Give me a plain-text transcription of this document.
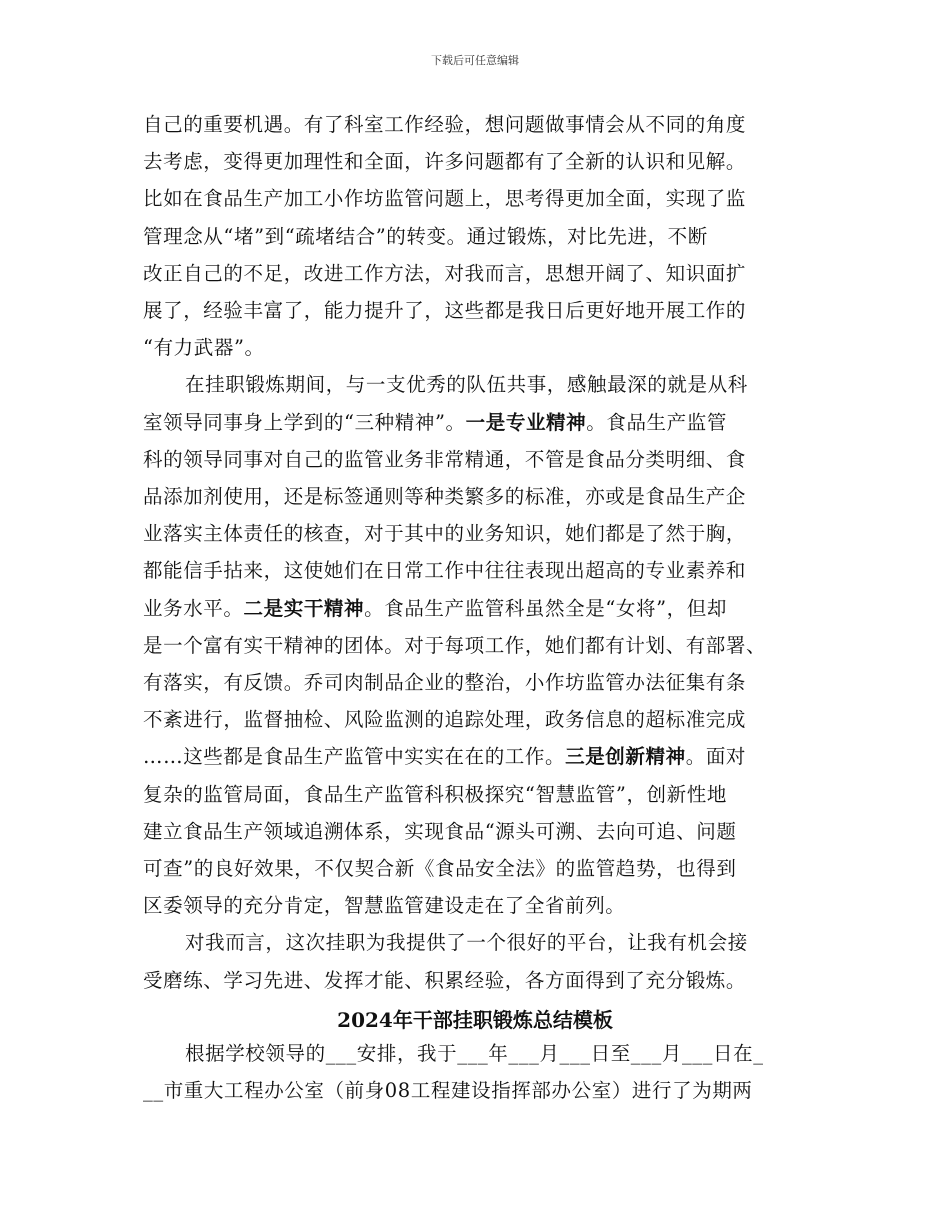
下载后可任意编辑
自己的重要机遇。有了科室工作经验，想问题做事情会从不同的角度
去考虑，变得更加理性和全面，许多问题都有了全新的认识和见解。
比如在食品生产加工小作坊监管问题上，思考得更加全面，实现了监
管理念从“堵”到“疏堵结合”的转变。通过锻炼，对比先进，不断
改正自己的不足，改进工作方法，对我而言，思想开阔了、知识面扩
展了，经验丰富了，能力提升了，这些都是我日后更好地开展工作的
“有力武器”。
在挂职锻炼期间，与一支优秀的队伍共事，感触最深的就是从科
室领导同事身上学到的“三种精神”。一是专业精神。食品生产监管
科的领导同事对自己的监管业务非常精通，不管是食品分类明细、食
品添加剂使用，还是标签通则等种类繁多的标准，亦或是食品生产企
业落实主体责任的核查，对于其中的业务知识，她们都是了然于胸，
都能信手拈来，这使她们在日常工作中往往表现出超高的专业素养和
业务水平。二是实干精神。食品生产监管科虽然全是“女将”，但却
是一个富有实干精神的团体。对于每项工作，她们都有计划、有部署、
有落实，有反馈。乔司肉制品企业的整治，小作坊监管办法征集有条
不紊进行，监督抽检、风险监测的追踪处理，政务信息的超标准完成
……这些都是食品生产监管中实实在在的工作。三是创新精神。面对
复杂的监管局面，食品生产监管科积极探究“智慧监管”，创新性地
建立食品生产领域追溯体系，实现食品“源头可溯、去向可追、问题
可查”的良好效果，不仅契合新《食品安全法》的监管趋势，也得到
区委领导的充分肯定，智慧监管建设走在了全省前列。
对我而言，这次挂职为我提供了一个很好的平台，让我有机会接
受磨练、学习先进、发挥才能、积累经验，各方面得到了充分锻炼。
2024年干部挂职锻炼总结模板
根据学校领导的___安排，我于___年___月___日至___月___日在_
__市重大工程办公室（前身08工程建设指挥部办公室）进行了为期两
